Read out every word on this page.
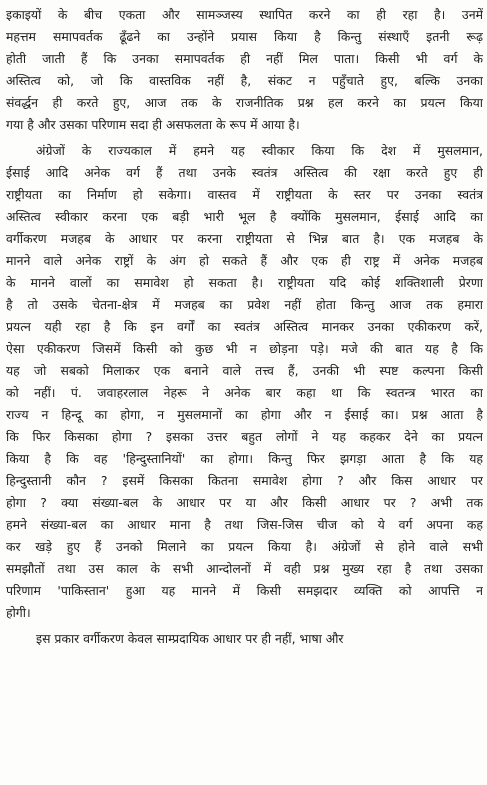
इकाइयों के बीच एकता और सामञ्जस्य स्थापित करने का ही रहा है। उनमें
महत्तम समापवर्तक ढूँढने का उन्होंने प्रयास किया है किन्तु संस्थाएँ इतनी रूढ़
होती जाती हैं कि उनका समापवर्तक ही नहीं मिल पाता। किसी भी वर्ग के
अस्तित्व को, जो कि वास्तविक नहीं है, संकट न पहुँचाते हुए, बल्कि उनका
संवर्द्धन ही करते हुए, आज तक के राजनीतिक प्रश्न हल करने का प्रयत्न किया
गया है और उसका परिणाम सदा ही असफलता के रूप में आया है।
अंग्रेजों के राज्यकाल में हमने यह स्वीकार किया कि देश में मुसलमान,
ईसाई आदि अनेक वर्ग हैं तथा उनके स्वतंत्र अस्तित्व की रक्षा करते हुए ही
राष्ट्रीयता का निर्माण हो सकेगा। वास्तव में राष्ट्रीयता के स्तर पर उनका स्वतंत्र
अस्तित्व स्वीकार करना एक बड़ी भारी भूल है क्योंकि मुसलमान, ईसाई आदि का
वर्गीकरण मजहब के आधार पर करना राष्ट्रीयता से भिन्न बात है। एक मजहब के
मानने वाले अनेक राष्ट्रों के अंग हो सकते हैं और एक ही राष्ट्र में अनेक मजहब
के मानने वालों का समावेश हो सकता है। राष्ट्रीयता यदि कोई शक्तिशाली प्रेरणा
है तो उसके चेतना-क्षेत्र में मजहब का प्रवेश नहीं होता किन्तु आज तक हमारा
प्रयत्न यही रहा है कि इन वर्गों का स्वतंत्र अस्तित्व मानकर उनका एकीकरण करें,
ऐसा एकीकरण जिसमें किसी को कुछ भी न छोड़ना पड़े। मजे की बात यह है कि
यह जो सबको मिलाकर एक बनाने वाले तत्त्व हैं, उनकी भी स्पष्ट कल्पना किसी
को नहीं। पं. जवाहरलाल नेहरू ने अनेक बार कहा था कि स्वतन्त्र भारत का
राज्य न हिन्दू का होगा, न मुसलमानों का होगा और न ईसाई का। प्रश्न आता है
कि फिर किसका होगा ? इसका उत्तर बहुत लोगों ने यह कहकर देने का प्रयत्न
किया है कि वह 'हिन्दुस्तानियों' का होगा। किन्तु फिर झगड़ा आता है कि यह
हिन्दुस्तानी कौन ? इसमें किसका कितना समावेश होगा ? और किस आधार पर
होगा ? क्या संख्या-बल के आधार पर या और किसी आधार पर ? अभी तक
हमने संख्या-बल का आधार माना है तथा जिस-जिस चीज को ये वर्ग अपना कह
कर खड़े हुए हैं उनको मिलाने का प्रयत्न किया है। अंग्रेजों से होने वाले सभी
समझौतों तथा उस काल के सभी आन्दोलनों में वही प्रश्न मुख्य रहा है तथा उसका
परिणाम 'पाकिस्तान' हुआ यह मानने में किसी समझदार व्यक्ति को आपत्ति न
होगी।
इस प्रकार वर्गीकरण केवल साम्प्रदायिक आधार पर ही नहीं, भाषा और
